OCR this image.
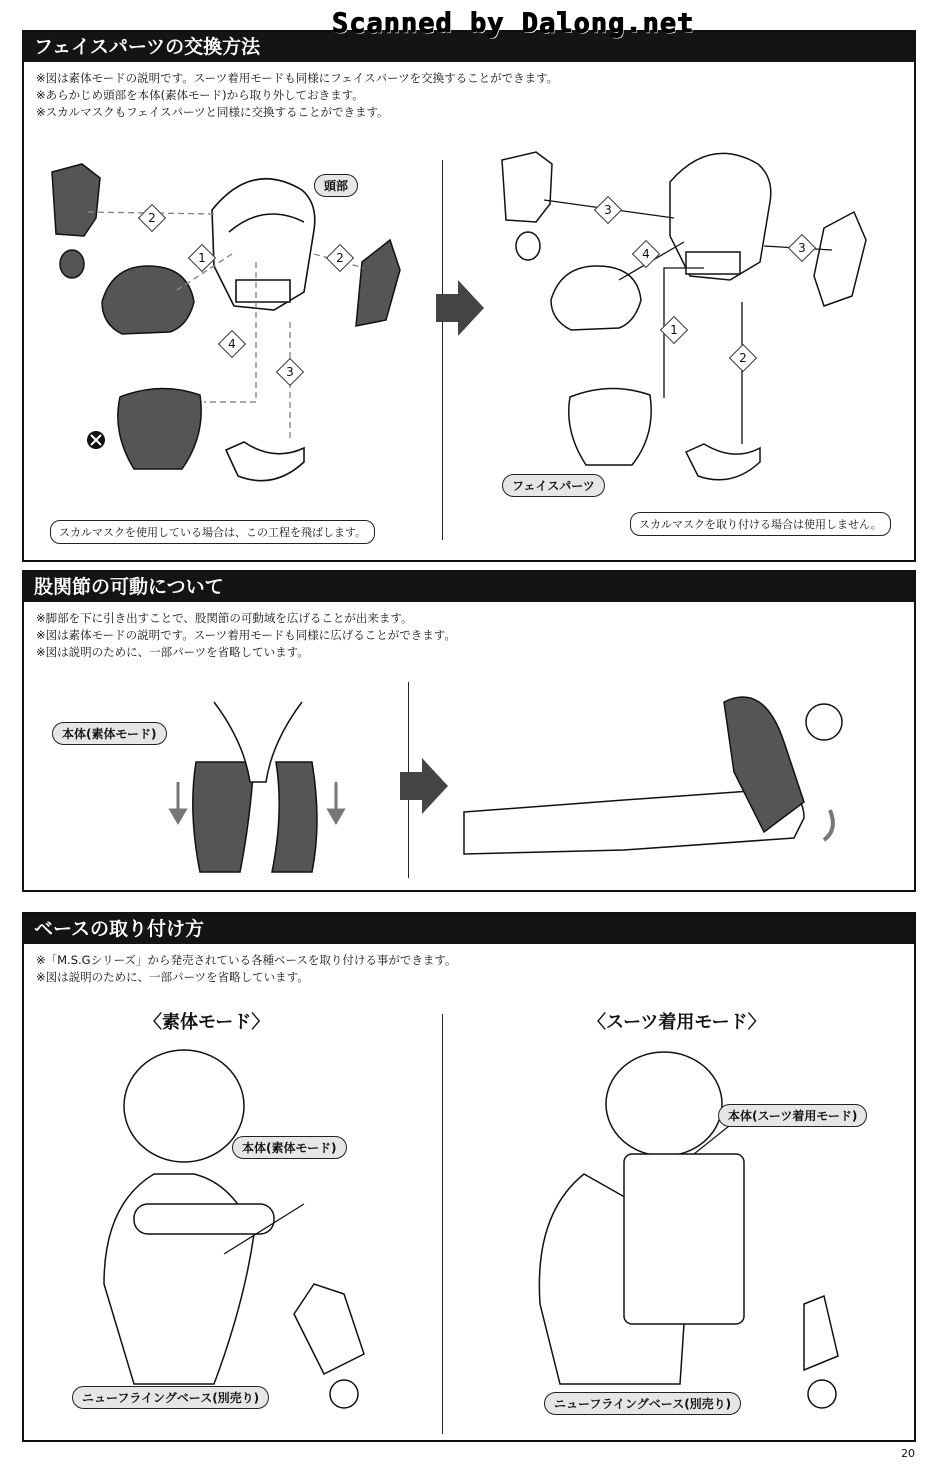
Scanned by Dalong.net
フェイスパーツの交換方法
※図は素体モードの説明です。スーツ着用モードも同様にフェイスパーツを交換することができます。
※あらかじめ頭部を本体(素体モード)から取り外しておきます。
※スカルマスクもフェイスパーツと同様に交換することができます。
2
1	2
4
3
3
4	3
1
2
頭部
フェイスパーツ
スカルマスクを使用している場合は、この工程を飛ばします。
スカルマスクを取り付ける場合は使用しません。
股関節の可動について
※脚部を下に引き出すことで、股関節の可動域を広げることが出来ます。
※図は素体モードの説明です。スーツ着用モードも同様に広げることができます。
※図は説明のために、一部パーツを省略しています。
本体(素体モード)
ベースの取り付け方
※「M.S.Gシリーズ」から発売されている各種ベースを取り付ける事ができます。
※図は説明のために、一部パーツを省略しています。
〈素体モード〉	〈スーツ着用モード〉
本体(素体モード)
本体(スーツ着用モード)
ニューフライングベース(別売り)	ニューフライングベース(別売り)
20
